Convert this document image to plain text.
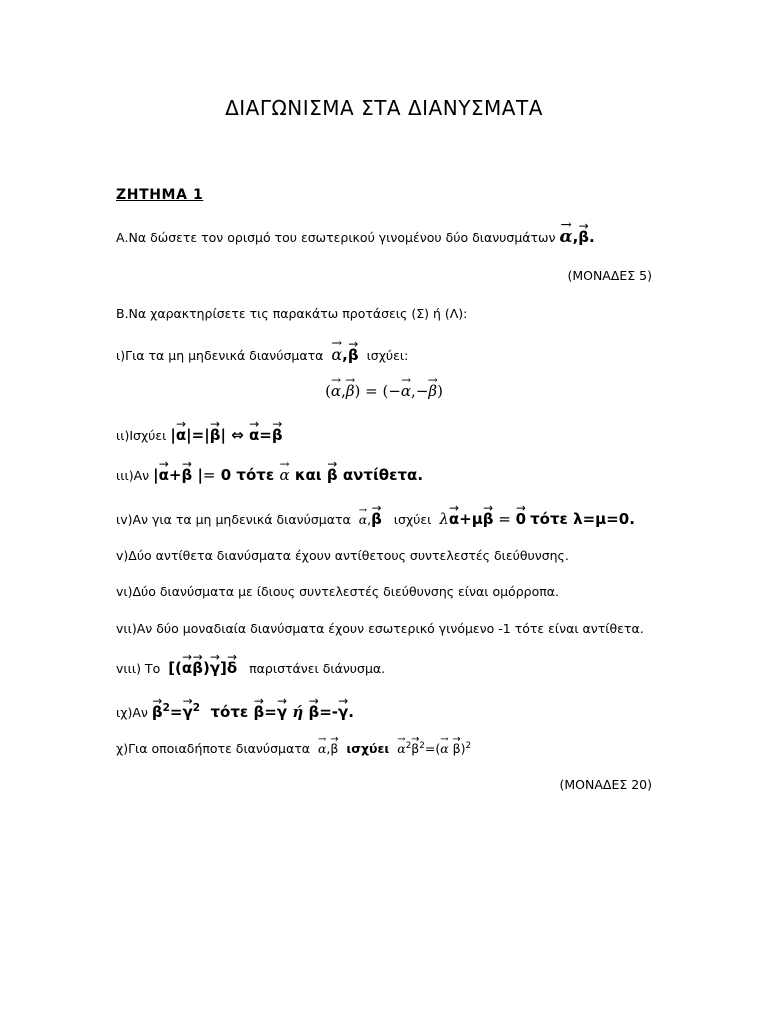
ΔΙΑΓΩΝΙΣΜΑ ΣΤΑ ΔΙΑΝΥΣΜΑΤΑ
ΖΗΤΗΜΑ 1
Α.Να δώσετε τον ορισμό του εσωτερικού γινομένου δύο διανυσμάτων → α,→ β.
(ΜΟΝΑΔΕΣ 5)
Β.Να χαρακτηρίσετε τις παρακάτω προτάσεις (Σ) ή (Λ):
ι)Για τα μη μηδενικά διανύσματα → α,→ β ισχύει:
(→ α,→ β) = (−→ α,−→ β)
ιι)Ισχύει |→ α|=|→ β| ⇔ → α=→ β
ιιι)Αν |→ α+→ β |= 0 τότε → α και → β αντίθετα.
ιv)Αν για τα μη μηδενικά διανύσματα → α,→ β ισχύει λ→ α+μ→ β = → 0 τότε λ=μ=0.
v)Δύο αντίθετα διανύσματα έχουν αντίθετους συντελεστές διεύθυνσης.
vι)Δύο διανύσματα με ίδιους συντελεστές διεύθυνσης είναι ομόρροπα.
vιι)Αν δύο μοναδιαία διανύσματα έχουν εσωτερικό γινόμενο -1 τότε είναι αντίθετα.
vιιι) Το [(→ α→ β)→ γ]→ δ παριστάνει διάνυσμα.
$\iota\chi)A\nu \to \beta^2=\to \gamma^2$ τότε → β=→ γ ή → β=-→ γ.
χ)Για οποιαδήποτε διανύσματα → α,→ β $\iota\sigma\chi ύ\varepsilon\iota \to \alpha^2\to \beta^2=(\to \alpha \to \beta)^2$
(ΜΟΝΑΔΕΣ 20)
